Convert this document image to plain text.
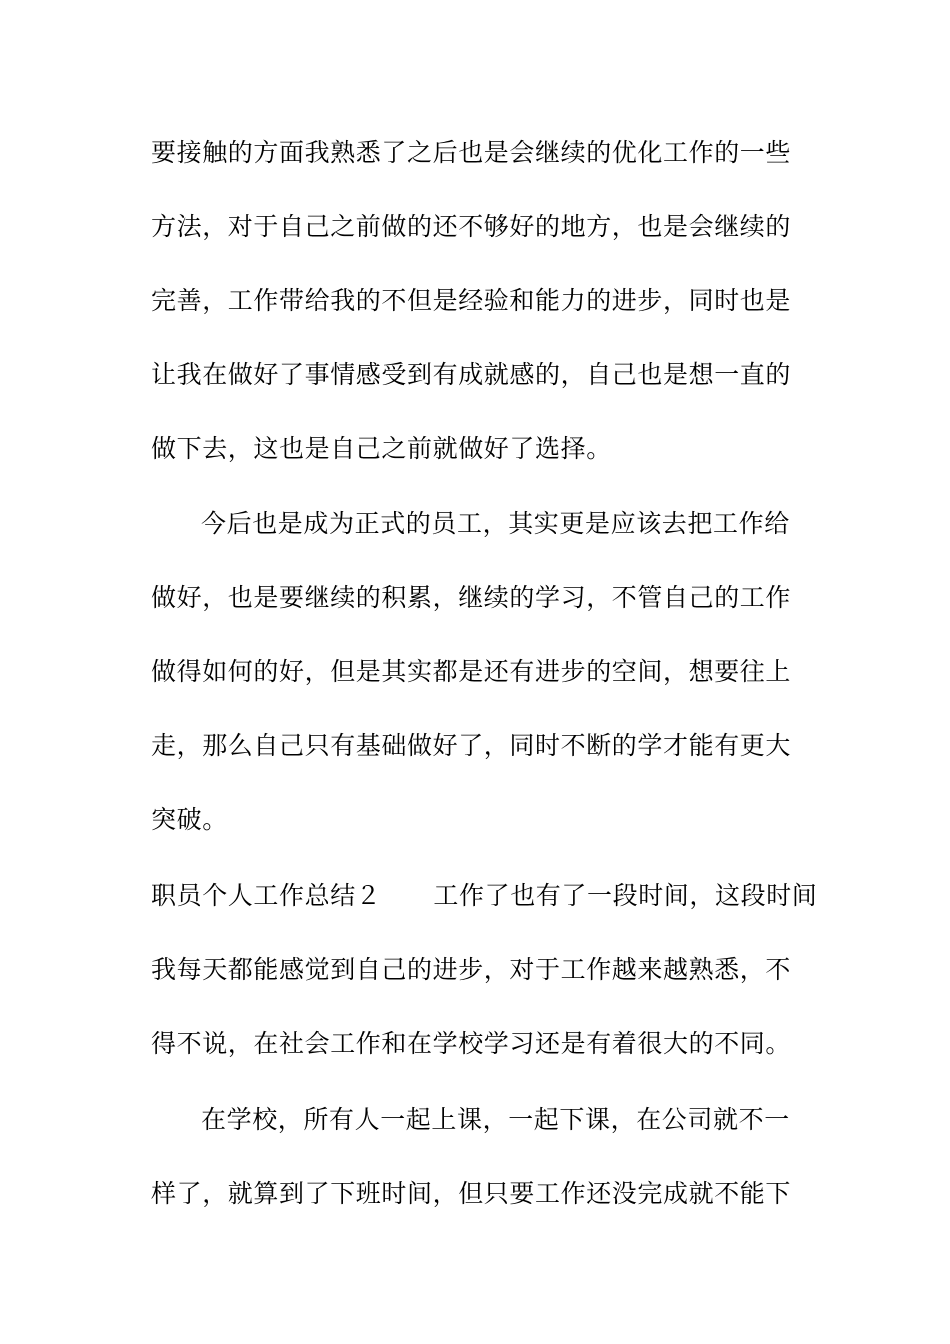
要接触的方面我熟悉了之后也是会继续的优化工作的一些
方法，对于自己之前做的还不够好的地方，也是会继续的
完善，工作带给我的不但是经验和能力的进步，同时也是
让我在做好了事情感受到有成就感的，自己也是想一直的
做下去，这也是自己之前就做好了选择。
今后也是成为正式的员工，其实更是应该去把工作给
做好，也是要继续的积累，继续的学习，不管自己的工作
做得如何的好，但是其实都是还有进步的空间，想要往上
走，那么自己只有基础做好了，同时不断的学才能有更大
突破。
职员个人工作总结２ 工作了也有了一段时间，这段时间
我每天都能感觉到自己的进步，对于工作越来越熟悉，不
得不说，在社会工作和在学校学习还是有着很大的不同。
在学校，所有人一起上课，一起下课，在公司就不一
样了，就算到了下班时间，但只要工作还没完成就不能下
